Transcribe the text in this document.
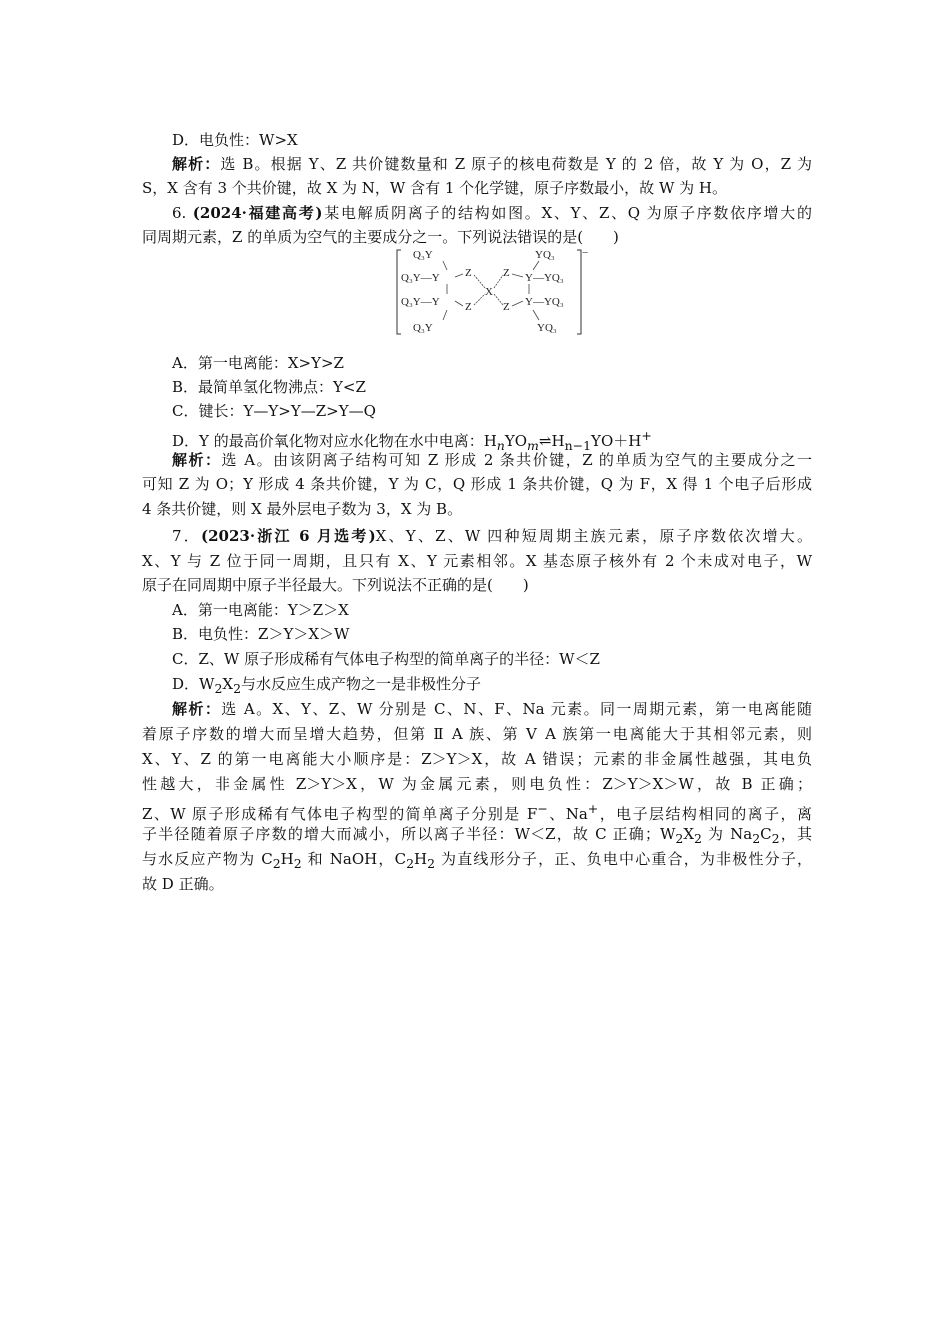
D．电负性：W>X
解析：选 B。根据 Y、Z 共价键数量和 Z 原子的核电荷数是 Y 的 2 倍，故 Y 为 O，Z 为
S，X 含有 3 个共价键，故 X 为 N，W 含有 1 个化学键，原子序数最小，故 W 为 H。
6. (2024·福建高考)某电解质阴离子的结构如图。X、Y、Z、Q 为原子序数依序增大的
同周期元素，Z 的单质为空气的主要成分之一。下列说法错误的是(　　)
Q₃Y
Q₃Y—Y
Q₃Y—Y
Q₃Y
Z
Z
X
Z
Z
YQ₃
Y—YQ₃
Y—YQ₃
YQ₃
−
A．第一电离能：X>Y>Z
B．最简单氢化物沸点：Y<Z
C．键长：Y—Y>Y—Z>Y—Q
D．Y 的最高价氧化物对应水化物在水中电离：$H_nYO_m\rightleftharpoons H_{n-1}YO+H^+$
解析：选 A。由该阴离子结构可知 Z 形成 2 条共价键，Z 的单质为空气的主要成分之一
可知 Z 为 O；Y 形成 4 条共价键，Y 为 C，Q 形成 1 条共价键，Q 为 F，X 得 1 个电子后形成
4 条共价键，则 X 最外层电子数为 3，X 为 B。
7．(2023·浙江 6 月选考)X、Y、Z、W 四种短周期主族元素，原子序数依次增大。
X、Y 与 Z 位于同一周期，且只有 X、Y 元素相邻。X 基态原子核外有 2 个未成对电子，W
原子在同周期中原子半径最大。下列说法不正确的是(　　)
A．第一电离能：Y＞Z＞X
B．电负性：Z＞Y＞X＞W
C．Z、W 原子形成稀有气体电子构型的简单离子的半径：W＜Z
D．$W_2X_2$与水反应生成产物之一是非极性分子
解析：选 A。X、Y、Z、W 分别是 C、N、F、Na 元素。同一周期元素，第一电离能随
着原子序数的增大而呈增大趋势，但第 Ⅱ A 族、第 Ⅴ A 族第一电离能大于其相邻元素，则
X、Y、Z 的第一电离能大小顺序是：Z＞Y＞X，故 A 错误；元素的非金属性越强，其电负
性越大，非金属性 Z＞Y＞X，W 为金属元素，则电负性：Z＞Y＞X＞W，故 B 正确；
Z、W 原子形成稀有气体电子构型的简单离子分别是 F−、Na+，电子层结构相同的离子，离
子半径随着原子序数的增大而减小，所以离子半径：W＜Z，故 C 正确；$W_2X_2$ 为 $Na_2C_2$，其
与水反应产物为 $C_2H_2$ 和 NaOH，$C_2H_2$ 为直线形分子，正、负电中心重合，为非极性分子，
故 D 正确。
